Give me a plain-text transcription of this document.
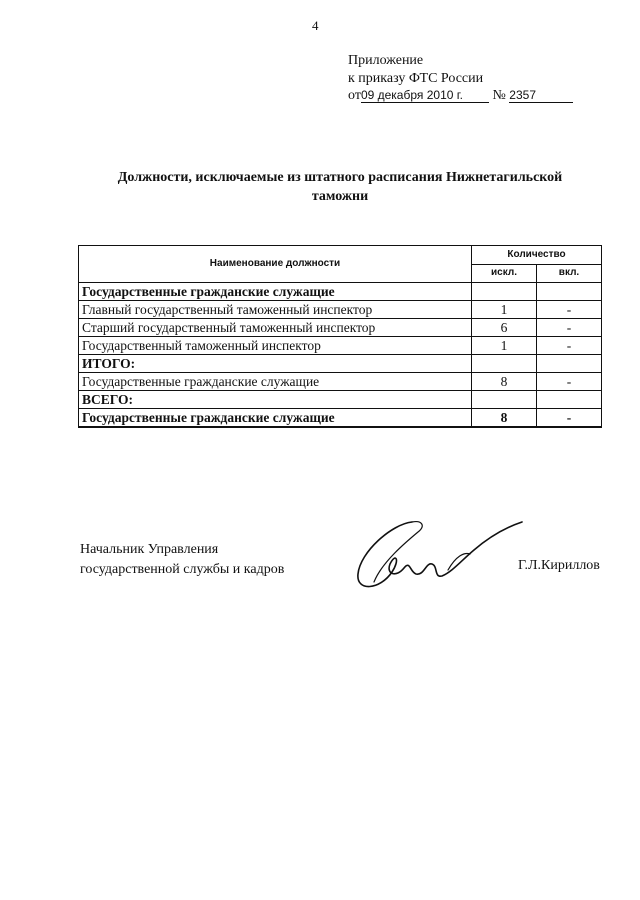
4
Приложение
к приказу ФТС России
от09 декабря 2010 г. № 2357
Должности, исключаемые из штатного расписания Нижнетагильской таможни
Наименование должности	Количество	
	искл.	вкл.
Государственные гражданские служащие		
Главный государственный таможенный инспектор	1	-
Старший государственный таможенный инспектор	6	-
Государственный таможенный инспектор	1	-
ИТОГО:		
Государственные гражданские служащие	8	-
ВСЕГО:		
Государственные гражданские служащие	8	-
Начальник Управления
государственной службы и кадров	Г.Л.Кириллов
